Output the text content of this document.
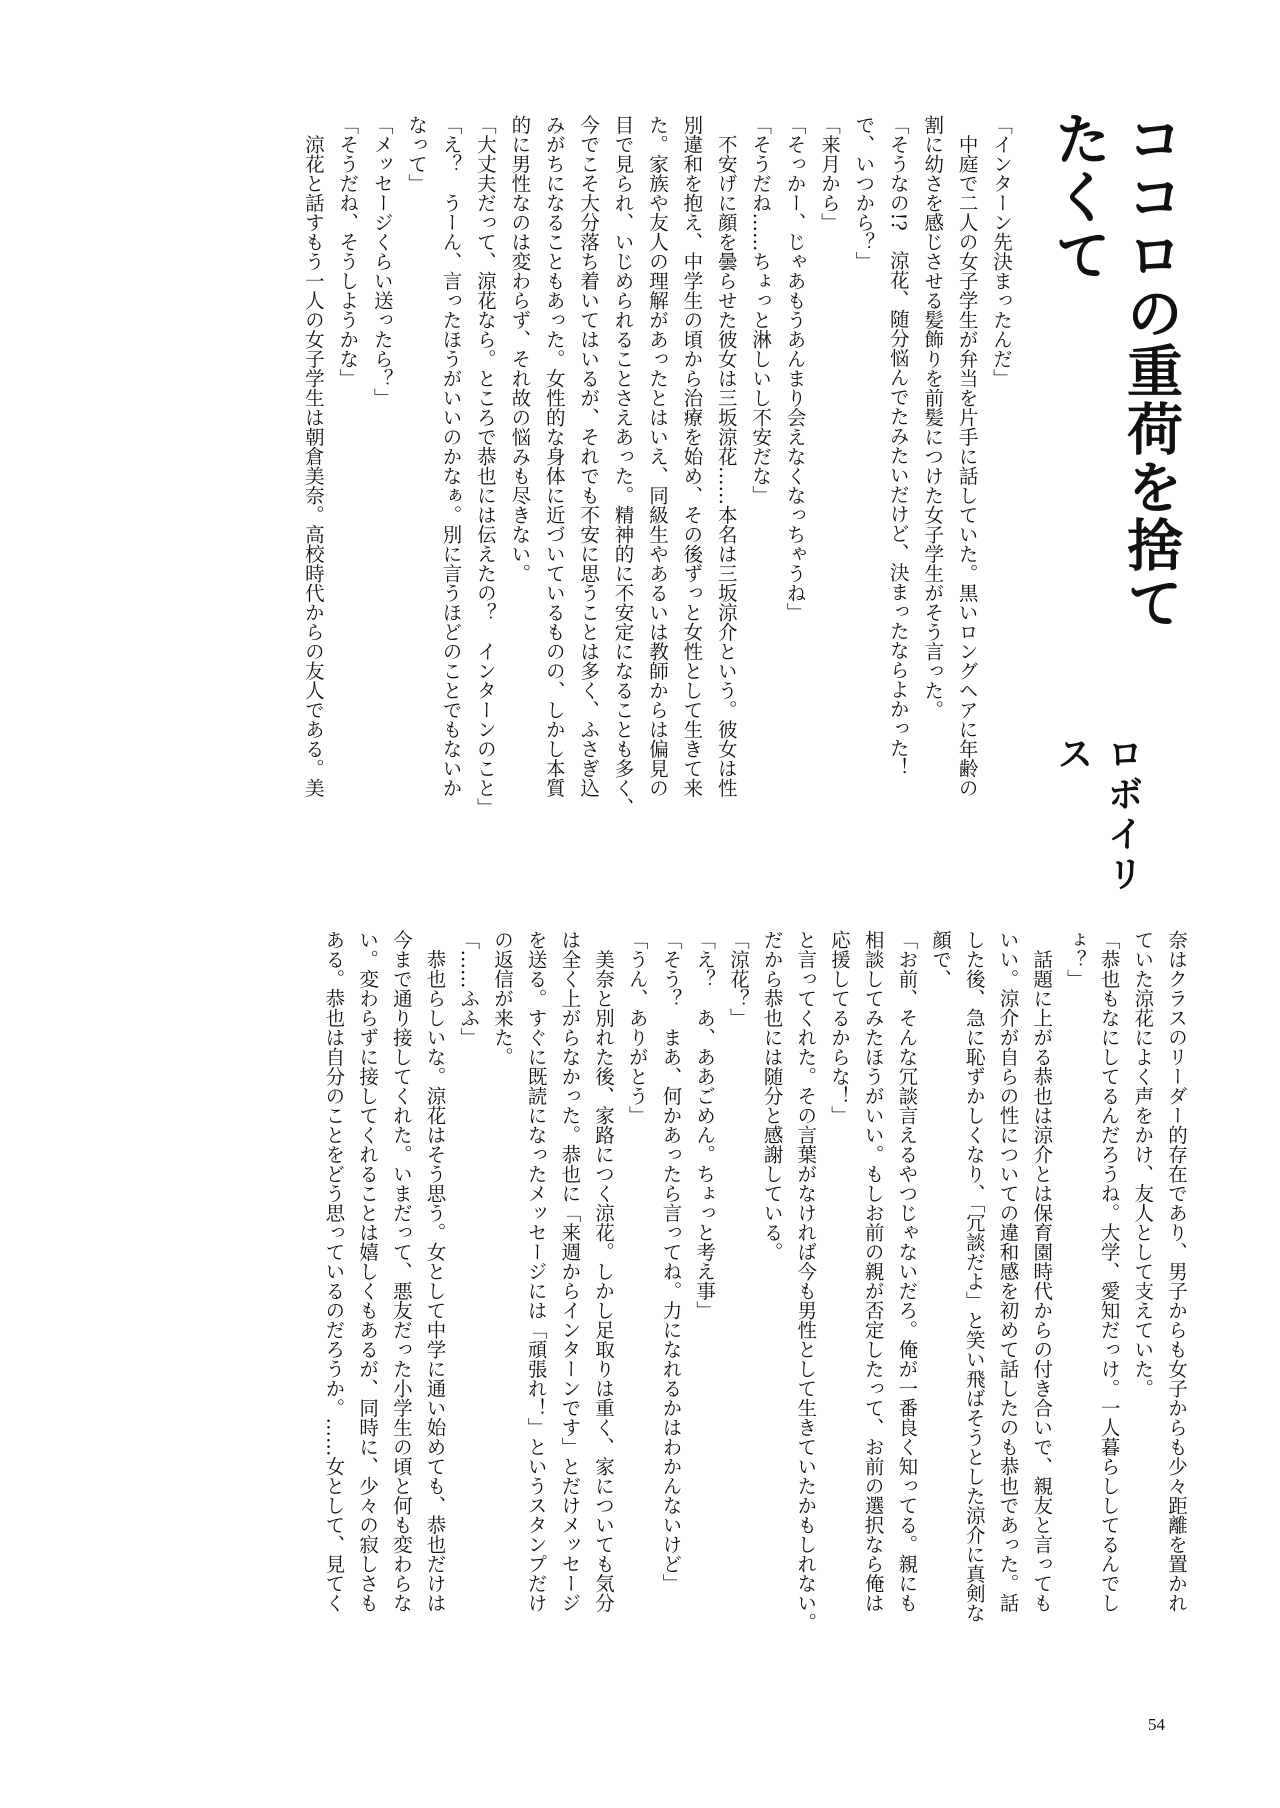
ココロの重荷を捨てたくて
ロボイリス

「インターン先決まったんだ」

　中庭で二人の女子学生が弁当を片手に話していた。黒いロングヘアに年齢の

割に幼さを感じさせる髪飾りを前髪につけた女子学生がそう言った。

「そうなの!?　涼花、随分悩んでたみたいだけど、決まったならよかった！

で、いつから？」

「来月から」

「そっかー、じゃあもうあんまり会えなくなっちゃうね」

「そうだね……ちょっと淋しいし不安だな」

　不安げに顔を曇らせた彼女は三坂涼花……本名は三坂涼介という。彼女は性

別違和を抱え、中学生の頃から治療を始め、その後ずっと女性として生きて来

た。家族や友人の理解があったとはいえ、同級生やあるいは教師からは偏見の

目で見られ、いじめられることさえあった。精神的に不安定になることも多く、

今でこそ大分落ち着いてはいるが、それでも不安に思うことは多く、ふさぎ込

みがちになることもあった。女性的な身体に近づいているものの、しかし本質

的に男性なのは変わらず、それ故の悩みも尽きない。

「大丈夫だって、涼花なら。ところで恭也には伝えたの？　インターンのこと」

「え？　うーん、言ったほうがいいのかなぁ。別に言うほどのことでもないか

なって」

「メッセージくらい送ったら？」

「そうだね、そうしようかな」

　涼花と話すもう一人の女子学生は朝倉美奈。高校時代からの友人である。美

奈はクラスのリーダー的存在であり、男子からも女子からも少々距離を置かれ

ていた涼花によく声をかけ、友人として支えていた。

「恭也もなにしてるんだろうね。大学、愛知だっけ。一人暮らししてるんでし

ょ？」

　話題に上がる恭也は涼介とは保育園時代からの付き合いで、親友と言っても

いい。涼介が自らの性についての違和感を初めて話したのも恭也であった。話

した後、急に恥ずかしくなり、「冗談だよ」と笑い飛ばそうとした涼介に真剣な

顔で、

「お前、そんな冗談言えるやつじゃないだろ。俺が一番良く知ってる。親にも

相談してみたほうがいい。もしお前の親が否定したって、お前の選択なら俺は

応援してるからな！」

と言ってくれた。その言葉がなければ今も男性として生きていたかもしれない。

だから恭也には随分と感謝している。

「涼花？」

「え？　あ、ああごめん。ちょっと考え事」

「そう？　まあ、何かあったら言ってね。力になれるかはわかんないけど」

「うん、ありがとう」

　美奈と別れた後、家路につく涼花。しかし足取りは重く、家についても気分

は全く上がらなかった。恭也に「来週からインターンです」とだけメッセージ

を送る。すぐに既読になったメッセージには「頑張れ！」というスタンプだけ

の返信が来た。

「……ふふ」

　恭也らしいな。涼花はそう思う。女として中学に通い始めても、恭也だけは

今まで通り接してくれた。いまだって、悪友だった小学生の頃と何も変わらな

い。変わらずに接してくれることは嬉しくもあるが、同時に、少々の寂しさも

ある。恭也は自分のことをどう思っているのだろうか。……女として、見てく

54
